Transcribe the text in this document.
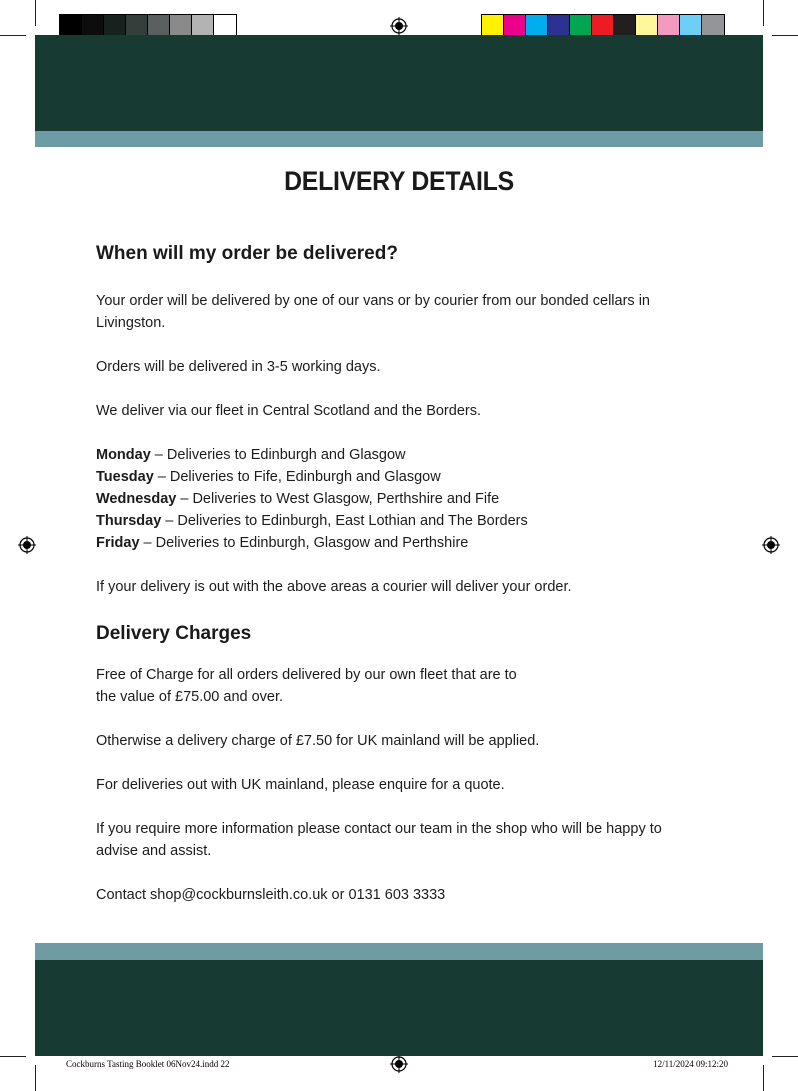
DELIVERY DETAILS
When will my order be delivered?

Your order will be delivered by one of our vans or by courier from our bonded cellars in
Livingston.

Orders will be delivered in 3-5 working days.

We deliver via our fleet in Central Scotland and the Borders.

Monday – Deliveries to Edinburgh and Glasgow

Tuesday – Deliveries to Fife, Edinburgh and Glasgow

Wednesday – Deliveries to West Glasgow, Perthshire and Fife

Thursday – Deliveries to Edinburgh, East Lothian and The Borders

Friday – Deliveries to Edinburgh, Glasgow and Perthshire

If your delivery is out with the above areas a courier will deliver your order.

Delivery Charges

Free of Charge for all orders delivered by our own fleet that are to
the value of £75.00 and over.

Otherwise a delivery charge of £7.50 for UK mainland will be applied.

For deliveries out with UK mainland, please enquire for a quote.

If you require more information please contact our team in the shop who will be happy to
advise and assist.

Contact shop@cockburnsleith.co.uk or 0131 603 3333

Cockburns Tasting Booklet 06Nov24.indd 22	12/11/2024 09:12:20
